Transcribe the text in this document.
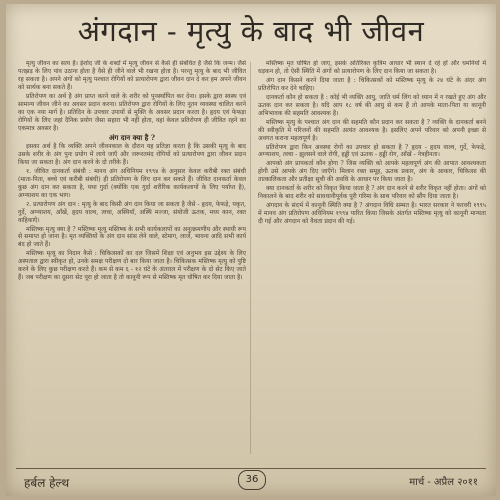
अंगदान - मृत्यु के बाद भी जीवन

मृत्यु जीवन का सत्य है। ईशोद जी के शब्दों में मृत्यु जीवन से कैसे ही संबंधित है जैसे कि जन्म। जैसे पतझड़ के लिए पांव उठाना होता है वैसे ही जीने वाले भी रखना होता है। परन्तु मृत्यु के बाद भी जीवित रह सकता है। अपने अंगों को मृत्यु पश्चात रोगियों को प्रत्यारोपण द्वारा जीवन दान दे कर हम अपने जीवन को सार्थक बना सकते हैं।

प्रतिरोपण का अर्थ है अंग प्राप्त करने वाले के शरीर को पुनर्स्थापित कर देना। इसके द्वारा स्वस्थ एवं सामान्य जीवन जीने का अवसर प्रदान करना। प्रतिरोपण द्वारा रोगियों के लिए नूतन व्यवस्था चालित करने का एक नया मार्ग है। प्रतिदिन के उपचार उपायों से मुक्ति के अवसर प्रदान करता है। हृदय एवं फेफड़ा रोगियों के लिए जहां दैनिक प्रयोग जैसा सहारा भी नहीं होता, वहां केवल प्रतिरोपण ही जीवित रहने का एकमात्र अवसर है।

अंग दान क्या है ?

इसका अर्थ है कि व्यक्ति अपने जीवनकाल के दौरान यह प्रतिज्ञा करता है कि उसकी मृत्यु के बाद उसके शरीर के अंग पुनः प्रयोग में लाये जाएँ और जरूरतमंद रोगियों को प्रत्यारोपण द्वारा जीवन प्रदान किया जा सकता है। अंग दान करने के दो तरीके हैं।

१. जीवित दानकर्ता संबंधी : मानव अंग अधिनियम १९९४ के अनुसार केवल करीबी रक्त संबंधी (माता-पिता, बच्चे एवं करीबी संबंधी) ही प्रतिरोपण के लिए दान कर सकते हैं। जीवित दानकर्ता केवल कुछ अंग दान कर सकता है, यथा गुर्दा (क्योंकि एक गुर्दा शरीरिक कार्यकलापों के लिए पर्याप्त है), अग्न्याशय का एक भाग।

२. प्रत्यारोपण अंग दान : मृत्यु के बाद किसी अंग दान किया जा सकता है जैसे - हृदय, फेफड़े, यकृत, गुर्दे, अग्न्याशय, आँखें, हृदय वाल्व, त्वचा, अस्थियाँ, अस्थि मज्जा, संयोजी ऊतक, मध्य कान, रक्त वाहिकाएँ।

मस्तिष्क मृत्यु क्या है ? मस्तिष्क मृत्यु मस्तिष्क के सभी कार्यकलापों का अनुत्क्रमणीय और स्थायी रूप से समाप्त हो जाना है। मृत व्यक्तियों के अंग दान सांस लेने वाले, स्टेमाग, लार्ज, भावना आदि सभी कार्य बंद हो जाते हैं।

मस्तिष्क मृत्यु का निदान कैसे : चिकित्सकों का दल जिसमें शिक्षा एवं अनुभव इस उद्देश्य के लिए अस्पताल द्वारा स्वीकृत हो, उनके समक्ष परीक्षण दो बार किया जाता है। चिकित्सक मस्तिष्क मृत्यु को पुष्टि करने के लिए कुछ परीक्षण करते हैं। कम से कम ६ - १२ घंटे के अंतराल में परीक्षण के दो सेट किए जाते हैं। जब परीक्षण का दूसरा सेट पूरा हो जाता है तो कानूनी रूप से मस्तिष्क मृत घोषित कर दिया जाता है।

मस्तिष्क मृत घोषित हो जाए, इसके अतिरिक्त कृत्रिम आधार भी स्थान दे रहे हों और धमनियों में धड़कन हो, तो ऐसी स्थिति में अंगों को प्रत्यारोपण के लिए दान किया जा सकता है।

अंग दान किसने करने दिया जाता है : चिकित्सकों को मस्तिष्क मृत्यु के २४ घंटे के अंदर अंग प्रतिरोपित कर देने चाहिए।

दानकर्ता कौन हो सकता है : कोई भी व्यक्ति आयु, जाति धर्म लिंग को ध्यान में न रखते हुए अंग और ऊतक दान कर सकता है। यदि आप १८ वर्ष की आयु से कम हैं तो आपके माता-पिता या कानूनी अभिभावक की सहमति आवश्यक है।

मस्तिष्क मृत्यु के पश्चात अंग दान की सहमति कौन प्रदान कर सकता है ? व्यक्ति के दानकर्ता बनने की स्वीकृति में परिजनों की सहमति अत्यंत आवश्यक है। इसलिए अपने परिवार को अपनी इच्छा से अवगत कराना महत्वपूर्ण है।

प्रतिरोपण द्वारा किन अवस्था रोगों का उपचार हो सकता है ? हृदय - हृदय वाल्व, गुर्दे, फेफड़े, अग्न्याशय, त्वचा - झुलसने वाले रोगी, हड्डी एवं ऊतक - हड्डी रोग, आँखें - नेत्रहीनता।

आपको अंग प्रापकर्ता कौन होगा ? जिस व्यक्ति को आपके महत्वपूर्ण अंग की आपात आवश्यकता होगी उसे आपके अंग दिए जाएँगे। मिलान रक्त समूह, ऊतक प्रकार, अंग के आकार, चिकित्सा की तात्कालिकता और प्रतीक्षा सूची की अवधि के आधार पर किया जाता है।

क्या दानकर्ता के शरीर को विकृत किया जाता है ? अंग दान करने से शरीर विकृत नहीं होता। अंगों को निकालने के बाद शरीर को सावधानीपूर्वक पूरी गरिमा के साथ परिवार को सौंप दिया जाता है।

अंगदान के संदर्भ में कानूनी स्थिति क्या है ? अंगदान विधि सम्मत है। भारत सरकार ने फरवरी १९९५ में मानव अंग प्रतिरोपण अधिनियम १९९४ पारित किया जिसके अंतर्गत मस्तिष्क मृत्यु को कानूनी मान्यता दी गई और अंगदान को वैधता प्रदान की गई।

हर्बल हेल्थ	36	मार्च - अप्रैल २०११
